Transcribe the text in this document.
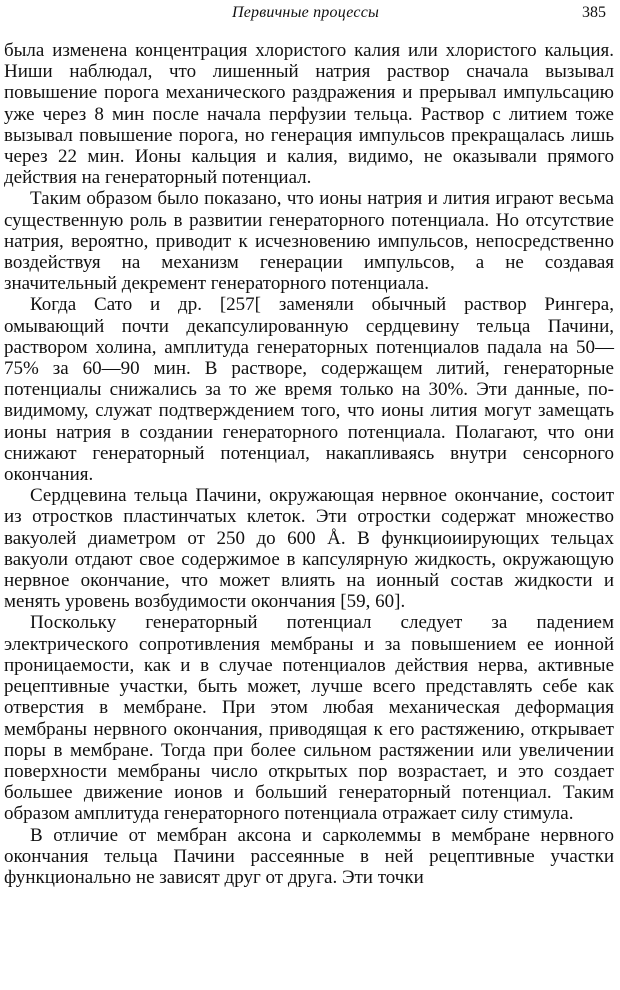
Первичные процессы	385

была изменена концентрация хлористого калия или хлористого кальция. Ниши наблюдал, что лишенный натрия раствор сначала вызывал повышение порога механического раздражения и прерывал импульсацию уже через 8 мин после начала перфузии тельца. Раствор с литием тоже вызывал повышение порога, но генерация импульсов прекращалась лишь через 22 мин. Ионы кальция и калия, видимо, не оказывали прямого действия на генераторный потенциал.

Таким образом было показано, что ионы натрия и лития играют весьма существенную роль в развитии генераторного потенциала. Но отсутствие натрия, вероятно, приводит к исчезновению импульсов, непосредственно воздействуя на механизм генерации импульсов, а не создавая значительный декремент генераторного потенциала.

Когда Сато и др. [257[ заменяли обычный раствор Рингера, омывающий почти декапсулированную сердцевину тельца Пачини, раствором холина, амплитуда генераторных потенциалов падала на 50—75% за 60—90 мин. В растворе, содержащем литий, генераторные потенциалы снижались за то же время только на 30%. Эти данные, по-видимому, служат подтверждением того, что ионы лития могут замещать ионы натрия в создании генераторного потенциала. Полагают, что они снижают генераторный потенциал, накапливаясь внутри сенсорного окончания.

Сердцевина тельца Пачини, окружающая нервное окончание, состоит из отростков пластинчатых клеток. Эти отростки содержат множество вакуолей диаметром от 250 до 600 Å. В функциоиирующих тельцах вакуоли отдают свое содержимое в капсулярную жидкость, окружающую нервное окончание, что может влиять на ионный состав жидкости и менять уровень возбудимости окончания [59, 60].

Поскольку генераторный потенциал следует за падением электрического сопротивления мембраны и за повышением ее ионной проницаемости, как и в случае потенциалов действия нерва, активные рецептивные участки, быть может, лучше всего представлять себе как отверстия в мембране. При этом любая механическая деформация мембраны нервного окончания, приводящая к его растяжению, открывает поры в мембране. Тогда при более сильном растяжении или увеличении поверхности мембраны число открытых пор возрастает, и это создает большее движение ионов и больший генераторный потенциал. Таким образом амплитуда генераторного потенциала отражает силу стимула.

В отличие от мембран аксона и сарколеммы в мембране нервного окончания тельца Пачини рассеянные в ней рецептивные участки функционально не зависят друг от друга. Эти точки
